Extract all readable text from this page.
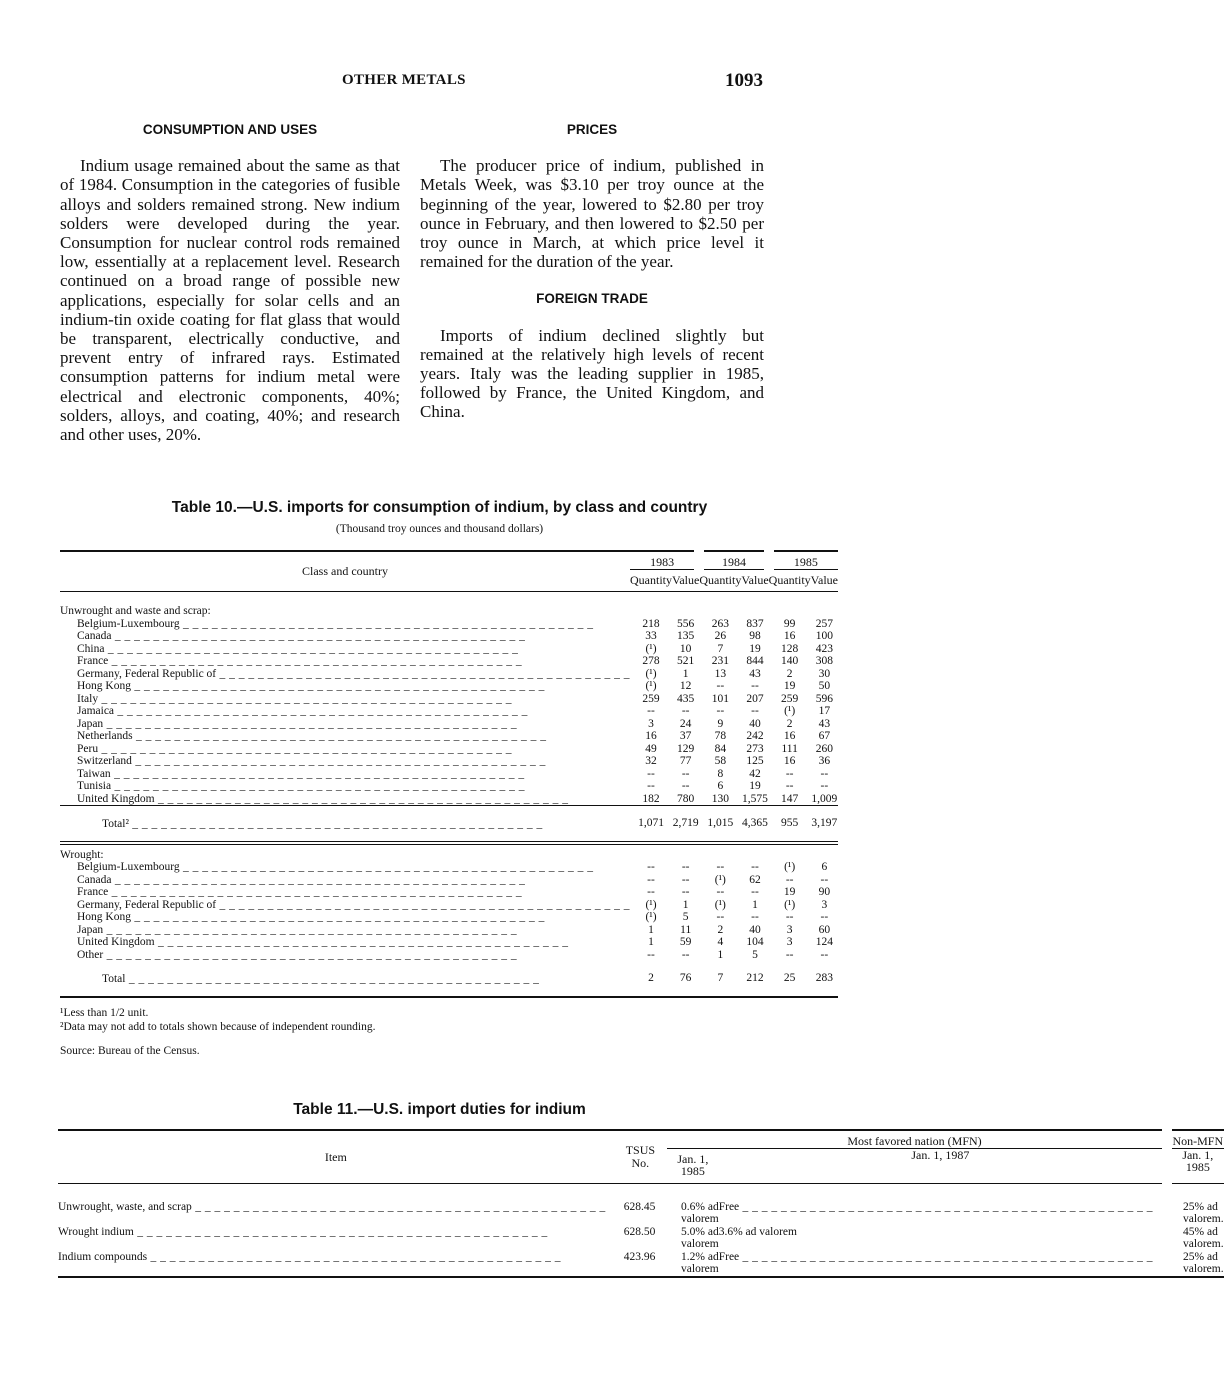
OTHER METALS	1093
CONSUMPTION AND USES

Indium usage remained about the same as that of 1984. Consumption in the categories of fusible alloys and solders remained strong. New indium solders were developed during the year. Consumption for nuclear control rods remained low, essentially at a replacement level. Research continued on a broad range of possible new applications, especially for solar cells and an indium-tin oxide coating for flat glass that would be transparent, electrically conductive, and prevent entry of infrared rays. Estimated consumption patterns for indium metal were electrical and electronic components, 40%; solders, alloys, and coating, 40%; and research and other uses, 20%.

PRICES

The producer price of indium, published in Metals Week, was $3.10 per troy ounce at the beginning of the year, lowered to $2.80 per troy ounce in February, and then lowered to $2.50 per troy ounce in March, at which price level it remained for the duration of the year.

FOREIGN TRADE

Imports of indium declined slightly but remained at the relatively high levels of recent years. Italy was the leading supplier in 1985, followed by France, the United Kingdom, and China.

Table 10.—U.S. imports for consumption of indium, by class and country
(Thousand troy ounces and thousand dollars)
Class and country		1983		1984		1985	
	Quantity	Value	Quantity	Value	Quantity	Value
Unwrought and waste and scrap:						
Belgium-Luxembourg _ _ _		218	556	263	837	99	257
Canada _ _ _		33	135	26	98	16	100
China _ _ _		(¹)	10	7	19	128	423
France _ _ _		278	521	231	844	140	308
Germany, Federal Republic of _ _ _		(¹)	1	13	43	2	30
Hong Kong _ _ _		(¹)	12	--	--	19	50
Italy _ _ _		259	435	101	207	259	596
Jamaica _ _ _		--	--	--	--	(¹)	17
Japan _ _ _		3	24	9	40	2	43
Netherlands _ _ _		16	37	78	242	16	67
Peru _ _ _		49	129	84	273	111	260
Switzerland _ _ _		32	77	58	125	16	36
Taiwan _ _ _		--	--	8	42	--	--
Tunisia _ _ _		--	--	6	19	--	--
United Kingdom _ _ _		182	780	130	1,575	147	1,009
Total² _ _ _		1,071	2,719	1,015	4,365	955	3,197

Wrought:						
Belgium-Luxembourg _ _ _		--	--	--	--	(¹)	6
Canada _ _ _		--	--	(¹)	62	--	--
France _ _ _		--	--	--	--	19	90
Germany, Federal Republic of _ _ _		(¹)	1	(¹)	1	(¹)	3
Hong Kong _ _ _		(¹)	5	--	--	--	--
Japan _ _ _		1	11	2	40	3	60
United Kingdom _ _ _		1	59	4	104	3	124
Other _ _ _		--	--	1	5	--	--
Total _ _ _		2	76	7	212	25	283
¹Less than 1/2 unit.
²Data may not add to totals shown because of independent rounding.
Source: Bureau of the Census.
Table 11.—U.S. import duties for indium
Item	TSUS No.	Most favored nation (MFN)		Non-MFN
		Jan. 1, 1985	Jan. 1, 1987	Jan. 1, 1985
Unwrought, waste, and scrap _ _ _	628.45	0.6% ad valorem	Free _ _ _	25% ad valorem.
Wrought indium _ _ _	628.50	5.0% ad valorem	3.6% ad valorem	45% ad valorem.
Indium compounds _ _ _	423.96	1.2% ad valorem	Free _ _ _	25% ad valorem.
